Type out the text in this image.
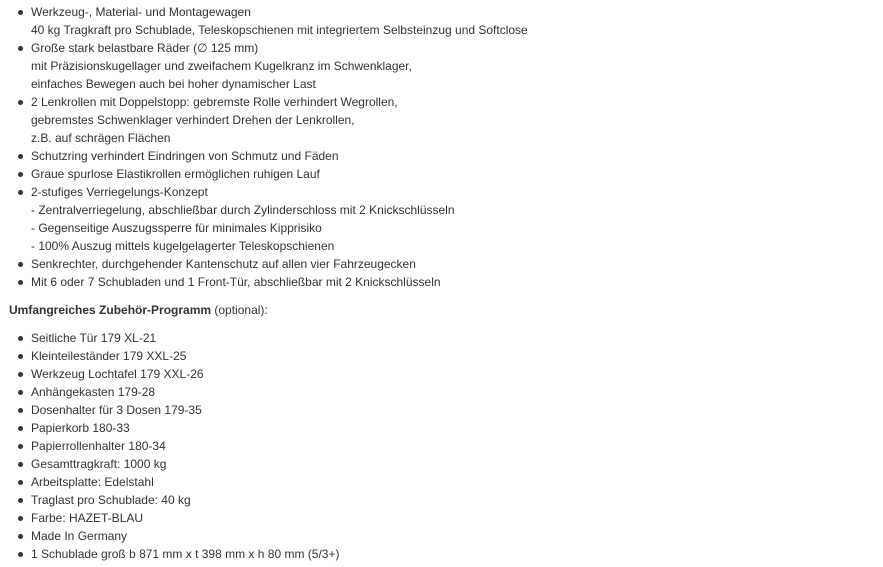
Werkzeug-, Material- und Montagewagen
40 kg Tragkraft pro Schublade, Teleskopschienen mit integriertem Selbsteinzug und Softclose
Große stark belastbare Räder (∅ 125 mm)
mit Präzisionskugellager und zweifachem Kugelkranz im Schwenklager,
einfaches Bewegen auch bei hoher dynamischer Last
2 Lenkrollen mit Doppelstopp: gebremste Rolle verhindert Wegrollen,
gebremstes Schwenklager verhindert Drehen der Lenkrollen,
z.B. auf schrägen Flächen
Schutzring verhindert Eindringen von Schmutz und Fäden
Graue spurlose Elastikrollen ermöglichen ruhigen Lauf
2-stufiges Verriegelungs-Konzept
- Zentralverriegelung, abschließbar durch Zylinderschloss mit 2 Knickschlüsseln
- Gegenseitige Auszugssperre für minimales Kipprisiko
- 100% Auszug mittels kugelgelagerter Teleskopschienen
Senkrechter, durchgehender Kantenschutz auf allen vier Fahrzeugecken
Mit 6 oder 7 Schubladen und 1 Front-Tür, abschließbar mit 2 Knickschlüsseln
Umfangreiches Zubehör-Programm (optional):
Seitliche Tür 179 XL-21
Kleinteileständer 179 XXL-25
Werkzeug Lochtafel 179 XXL-26
Anhängekasten 179-28
Dosenhalter für 3 Dosen 179-35
Papierkorb 180-33
Papierrollenhalter 180-34
Gesamttragkraft: 1000 kg
Arbeitsplatte: Edelstahl
Traglast pro Schublade: 40 kg
Farbe: HAZET-BLAU
Made In Germany
1 Schublade groß b 871 mm x t 398 mm x h 80 mm (5/3+)
